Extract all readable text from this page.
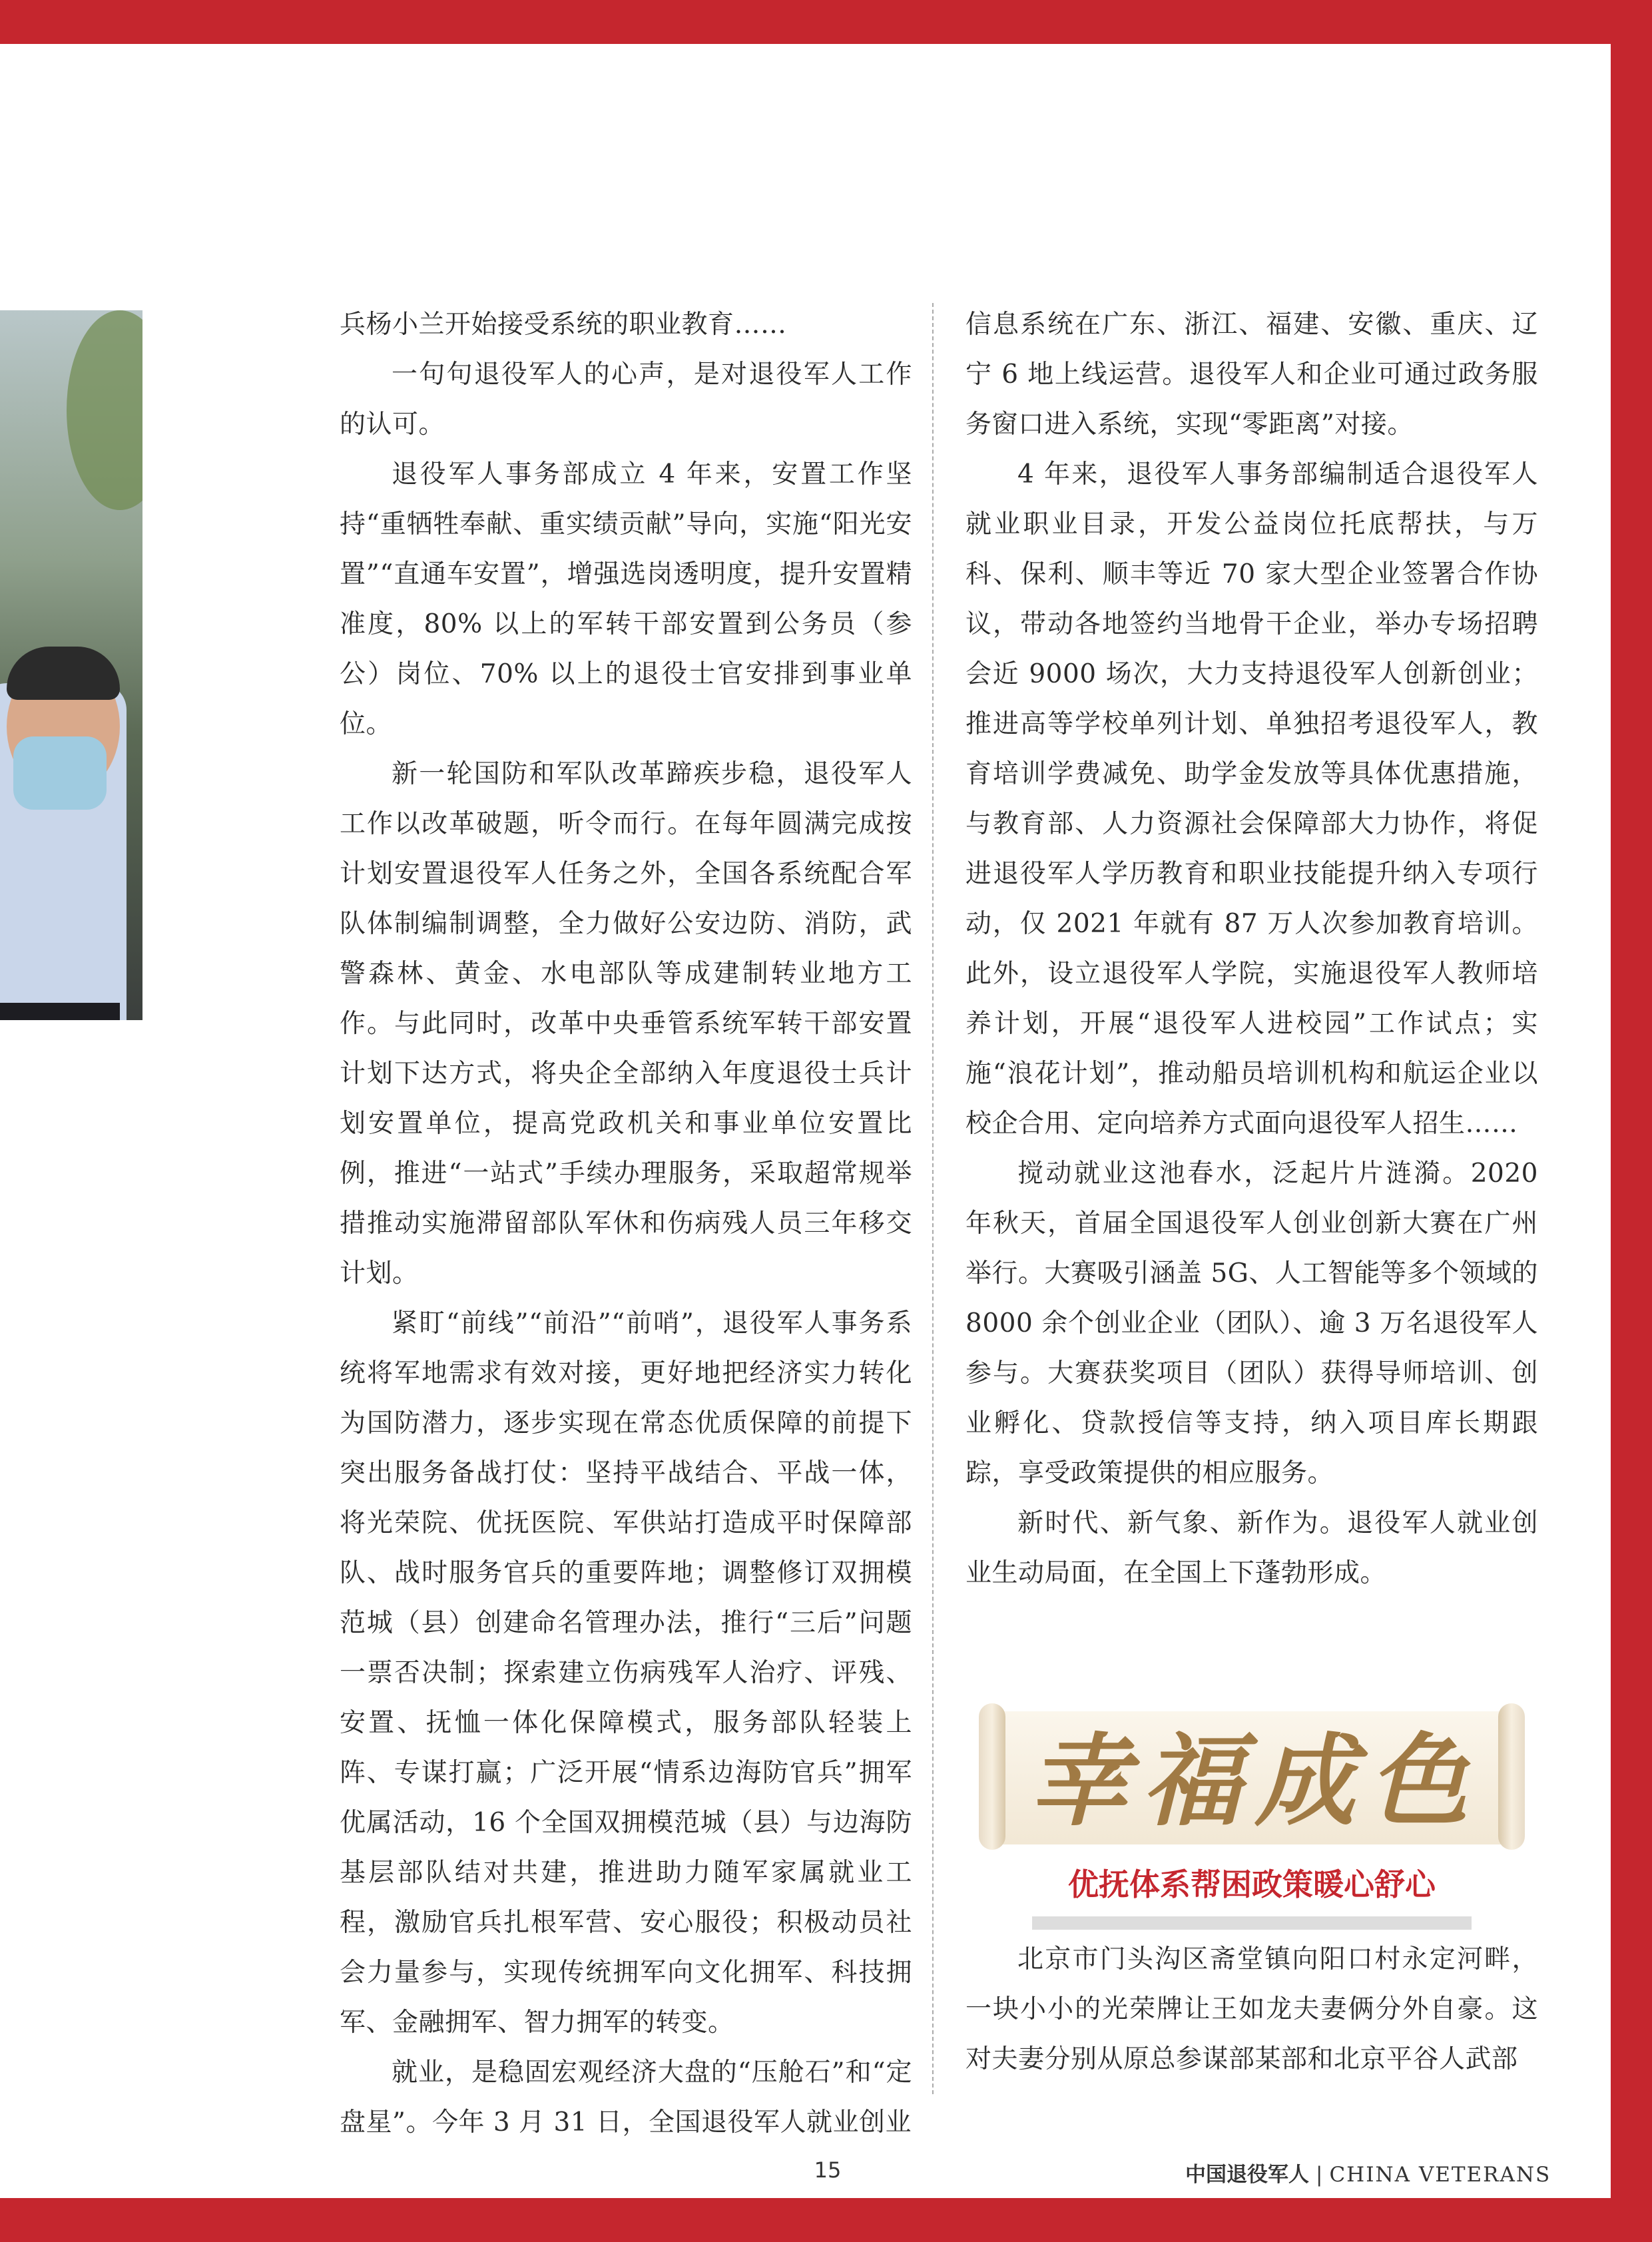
兵杨小兰开始接受系统的职业教育……

一句句退役军人的心声，是对退役军人工作的认可。

退役军人事务部成立 4 年来，安置工作坚持“重牺牲奉献、重实绩贡献”导向，实施“阳光安置”“直通车安置”，增强选岗透明度，提升安置精准度，80% 以上的军转干部安置到公务员（参公）岗位、70% 以上的退役士官安排到事业单位。

新一轮国防和军队改革蹄疾步稳，退役军人工作以改革破题，听令而行。在每年圆满完成按计划安置退役军人任务之外，全国各系统配合军队体制编制调整，全力做好公安边防、消防，武警森林、黄金、水电部队等成建制转业地方工作。与此同时，改革中央垂管系统军转干部安置计划下达方式，将央企全部纳入年度退役士兵计划安置单位，提高党政机关和事业单位安置比例，推进“一站式”手续办理服务，采取超常规举措推动实施滞留部队军休和伤病残人员三年移交计划。

紧盯“前线”“前沿”“前哨”，退役军人事务系统将军地需求有效对接，更好地把经济实力转化为国防潜力，逐步实现在常态优质保障的前提下突出服务备战打仗：坚持平战结合、平战一体，将光荣院、优抚医院、军供站打造成平时保障部队、战时服务官兵的重要阵地；调整修订双拥模范城（县）创建命名管理办法，推行“三后”问题一票否决制；探索建立伤病残军人治疗、评残、安置、抚恤一体化保障模式，服务部队轻装上阵、专谋打赢；广泛开展“情系边海防官兵”拥军优属活动，16 个全国双拥模范城（县）与边海防基层部队结对共建，推进助力随军家属就业工程，激励官兵扎根军营、安心服役；积极动员社会力量参与，实现传统拥军向文化拥军、科技拥军、金融拥军、智力拥军的转变。

就业，是稳固宏观经济大盘的“压舱石”和“定盘星”。今年 3 月 31 日，全国退役军人就业创业

信息系统在广东、浙江、福建、安徽、重庆、辽宁 6 地上线运营。退役军人和企业可通过政务服务窗口进入系统，实现“零距离”对接。

4 年来，退役军人事务部编制适合退役军人就业职业目录，开发公益岗位托底帮扶，与万科、保利、顺丰等近 70 家大型企业签署合作协议，带动各地签约当地骨干企业，举办专场招聘会近 9000 场次，大力支持退役军人创新创业；推进高等学校单列计划、单独招考退役军人，教育培训学费减免、助学金发放等具体优惠措施，与教育部、人力资源社会保障部大力协作，将促进退役军人学历教育和职业技能提升纳入专项行动，仅 2021 年就有 87 万人次参加教育培训。此外，设立退役军人学院，实施退役军人教师培养计划，开展“退役军人进校园”工作试点；实施“浪花计划”，推动船员培训机构和航运企业以校企合用、定向培养方式面向退役军人招生……

搅动就业这池春水，泛起片片涟漪。2020 年秋天，首届全国退役军人创业创新大赛在广州举行。大赛吸引涵盖 5G、人工智能等多个领域的 8000 余个创业企业（团队）、逾 3 万名退役军人参与。大赛获奖项目（团队）获得导师培训、创业孵化、贷款授信等支持，纳入项目库长期跟踪，享受政策提供的相应服务。

新时代、新气象、新作为。退役军人就业创业生动局面，在全国上下蓬勃形成。

幸福成色
优抚体系帮困政策暖心舒心

北京市门头沟区斋堂镇向阳口村永定河畔，一块小小的光荣牌让王如龙夫妻俩分外自豪。这对夫妻分别从原总参谋部某部和北京平谷人武部

15	中国退役军人 | CHINA VETERANS
